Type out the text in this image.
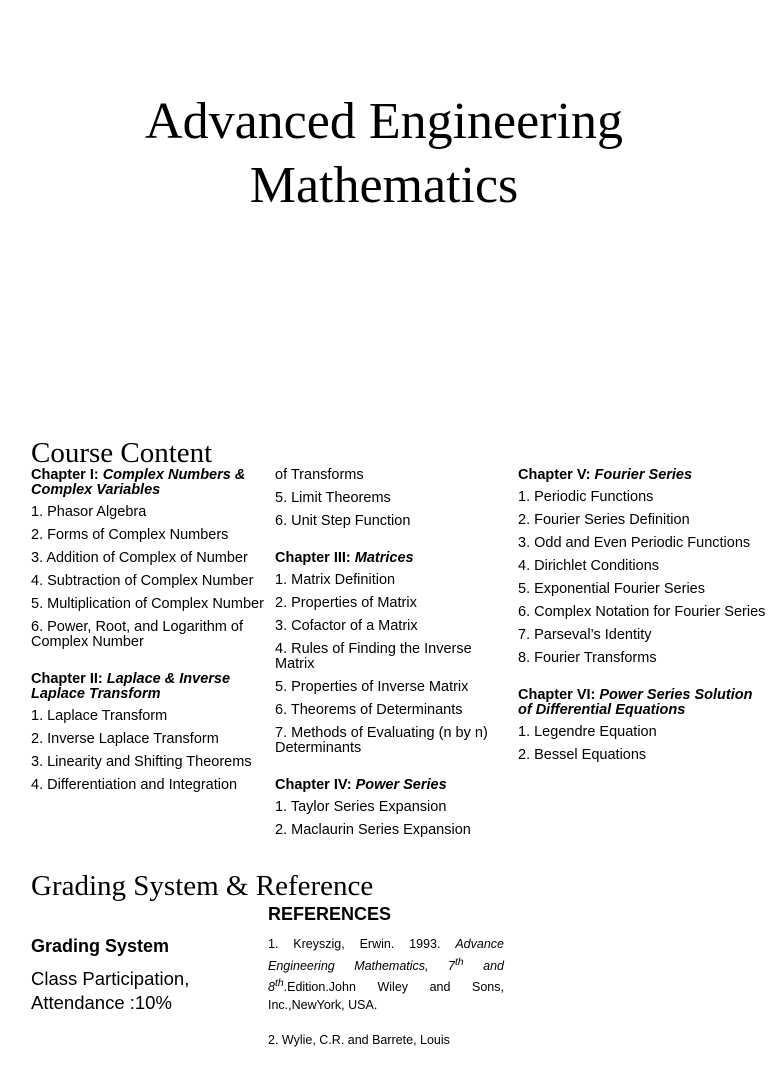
Advanced Engineering
Mathematics
Course Content
Chapter I: Complex Numbers & Complex Variables
1. Phasor Algebra
2. Forms of Complex Numbers
3. Addition of Complex of Number
4. Subtraction of Complex Number
5. Multiplication of Complex Number
6. Power, Root, and Logarithm of Complex Number
Chapter II: Laplace & Inverse Laplace Transform
1. Laplace Transform
2. Inverse Laplace Transform
3. Linearity and Shifting Theorems
4. Differentiation and Integration
of Transforms
5. Limit Theorems
6. Unit Step Function
Chapter III: Matrices
1. Matrix Definition
2. Properties of Matrix
3. Cofactor of a Matrix
4. Rules of Finding the Inverse Matrix
5. Properties of Inverse Matrix
6. Theorems of Determinants
7. Methods of Evaluating (n by n) Determinants
Chapter IV: Power Series
1. Taylor Series Expansion
2. Maclaurin Series Expansion
Chapter V: Fourier Series
1. Periodic Functions
2. Fourier Series Definition
3. Odd and Even Periodic Functions
4. Dirichlet Conditions
5. Exponential Fourier Series
6. Complex Notation for Fourier Series
7. Parseval’s Identity
8. Fourier Transforms
Chapter VI: Power Series Solution of Differential Equations
1. Legendre Equation
2. Bessel Equations
Grading System & Reference
REFERENCES
Grading System
Class Participation, Attendance :10%

1. Kreyszig, Erwin. 1993. Advance Engineering Mathematics, 7th and 8th.Edition.John Wiley and Sons, Inc.,NewYork, USA.

2. Wylie, C.R. and Barrete, Louis
